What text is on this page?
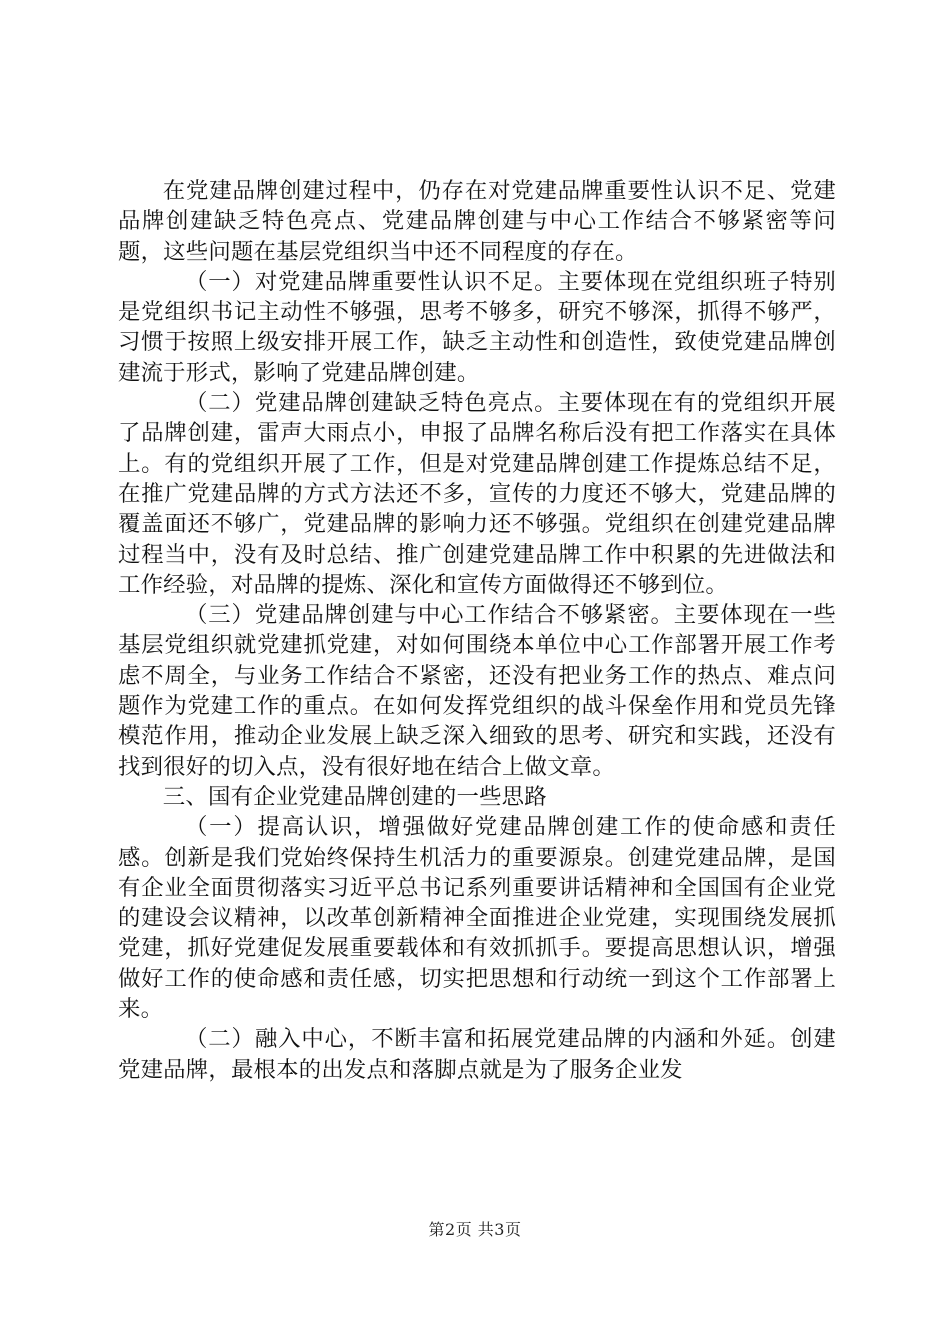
在党建品牌创建过程中，仍存在对党建品牌重要性认识不足、党建品牌创建缺乏特色亮点、党建品牌创建与中心工作结合不够紧密等问题，这些问题在基层党组织当中还不同程度的存在。

（一）对党建品牌重要性认识不足。主要体现在党组织班子特别是党组织书记主动性不够强，思考不够多，研究不够深，抓得不够严，习惯于按照上级安排开展工作，缺乏主动性和创造性，致使党建品牌创建流于形式，影响了党建品牌创建。

（二）党建品牌创建缺乏特色亮点。主要体现在有的党组织开展了品牌创建，雷声大雨点小，申报了品牌名称后没有把工作落实在具体上。有的党组织开展了工作，但是对党建品牌创建工作提炼总结不足，在推广党建品牌的方式方法还不多，宣传的力度还不够大，党建品牌的覆盖面还不够广，党建品牌的影响力还不够强。党组织在创建党建品牌过程当中，没有及时总结、推广创建党建品牌工作中积累的先进做法和工作经验，对品牌的提炼、深化和宣传方面做得还不够到位。

（三）党建品牌创建与中心工作结合不够紧密。主要体现在一些基层党组织就党建抓党建，对如何围绕本单位中心工作部署开展工作考虑不周全，与业务工作结合不紧密，还没有把业务工作的热点、难点问题作为党建工作的重点。在如何发挥党组织的战斗保垒作用和党员先锋模范作用，推动企业发展上缺乏深入细致的思考、研究和实践，还没有找到很好的切入点，没有很好地在结合上做文章。

三、国有企业党建品牌创建的一些思路

（一）提高认识，增强做好党建品牌创建工作的使命感和责任感。创新是我们党始终保持生机活力的重要源泉。创建党建品牌，是国有企业全面贯彻落实习近平总书记系列重要讲话精神和全国国有企业党的建设会议精神，以改革创新精神全面推进企业党建，实现围绕发展抓党建，抓好党建促发展重要载体和有效抓抓手。要提高思想认识，增强做好工作的使命感和责任感，切实把思想和行动统一到这个工作部署上来。

（二）融入中心，不断丰富和拓展党建品牌的内涵和外延。创建党建品牌，最根本的出发点和落脚点就是为了服务企业发

第2页 共3页
